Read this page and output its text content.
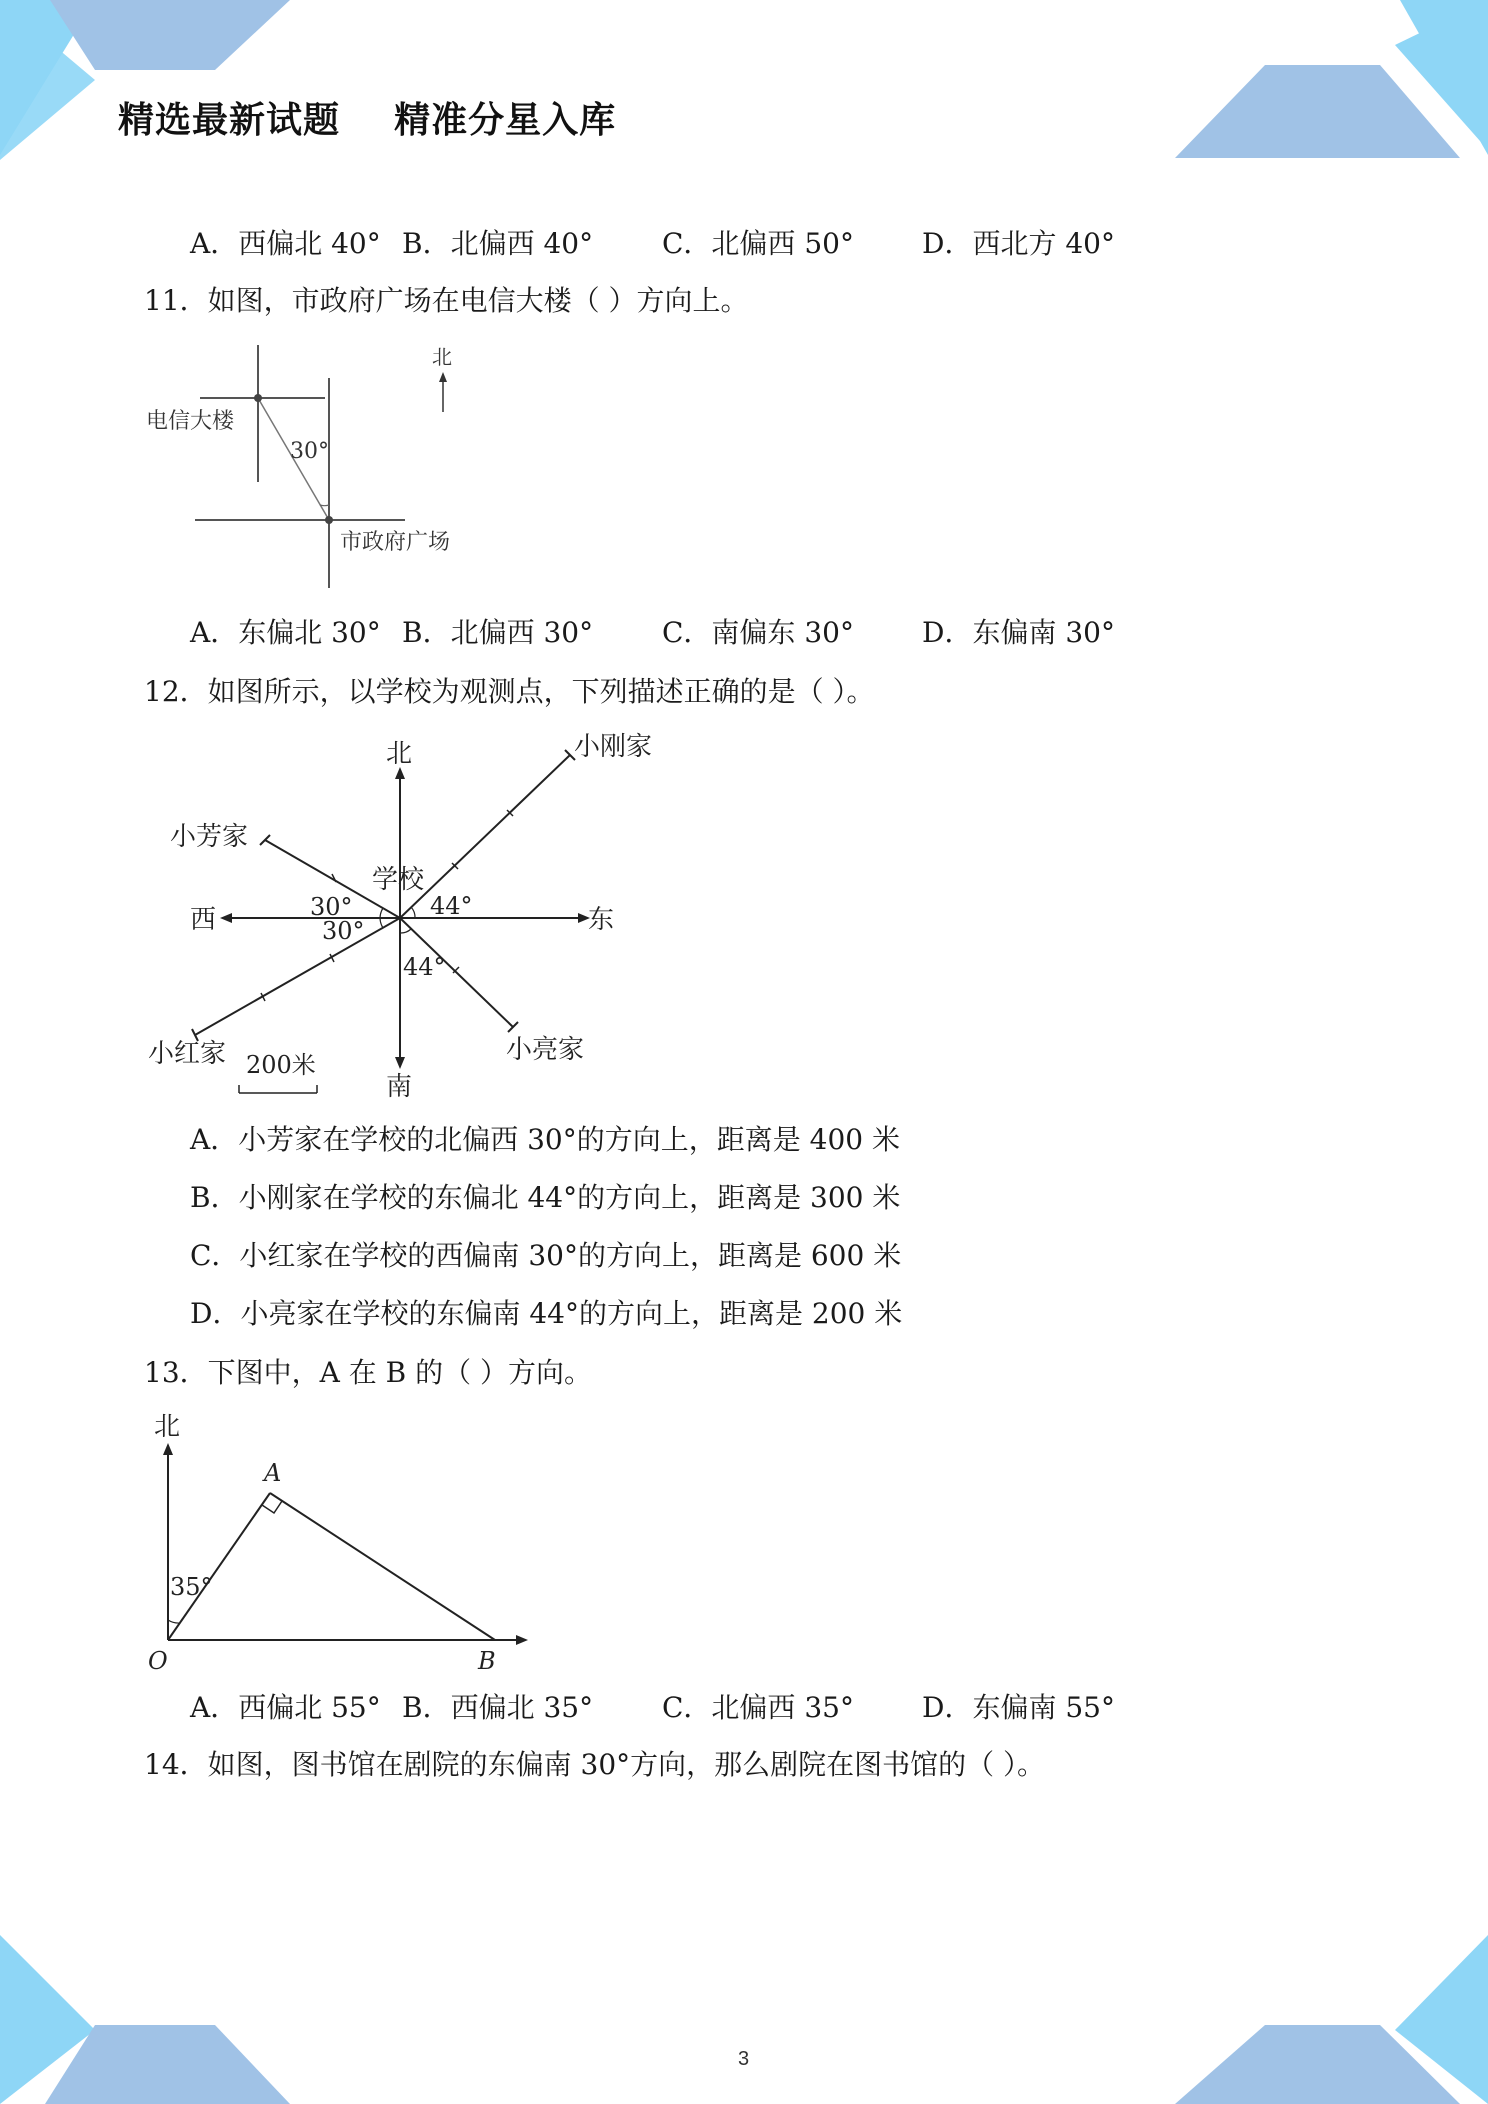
精选最新试题    精准分星入库
A．西偏北 40° B．北偏西 40° C．北偏西 50° D．西北方 40°
11．如图，市政府广场在电信大楼（ ）方向上。
北
电信大楼
30°
市政府广场
A．东偏北 30° B．北偏西 30° C．南偏东 30° D．东偏南 30°
12．如图所示，以学校为观测点，下列描述正确的是（ ）。
北
南
东
西
学校
小刚家
小芳家
小红家	小亮家
30°
30°
44°
44°
200米
A．小芳家在学校的北偏西 30°的方向上，距离是 400 米
B．小刚家在学校的东偏北 44°的方向上，距离是 300 米
C．小红家在学校的西偏南 30°的方向上，距离是 600 米
D．小亮家在学校的东偏南 44°的方向上，距离是 200 米
13．下图中，A 在 B 的（ ）方向。
北
A
O	B
35°
A．西偏北 55° B．西偏北 35° C．北偏西 35° D．东偏南 55°
14．如图，图书馆在剧院的东偏南 30°方向，那么剧院在图书馆的（ ）。
3
